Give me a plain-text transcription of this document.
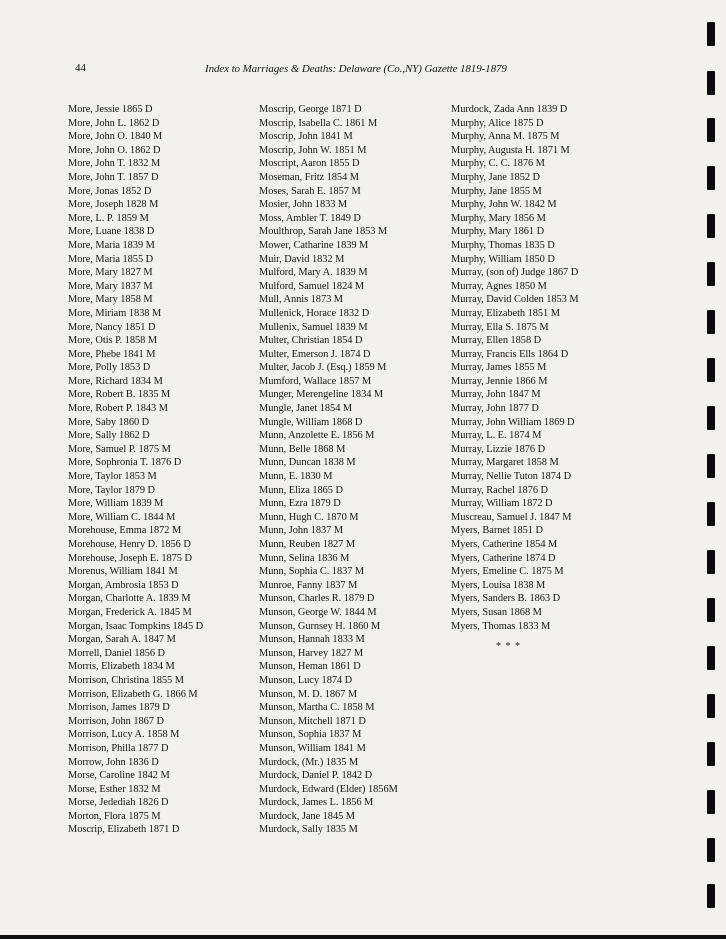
44	Index to Marriages & Deaths: Delaware (Co.,NY) Gazette 1819-1879
More, Jessie 1865 D
More, John L. 1862 D
More, John O. 1840 M
More, John O. 1862 D
More, John T. 1832 M
More, John T. 1857 D
More, Jonas 1852 D
More, Joseph 1828 M
More, L. P. 1859 M
More, Luane 1838 D
More, Maria 1839 M
More, Maria 1855 D
More, Mary 1827 M
More, Mary 1837 M
More, Mary 1858 M
More, Miriam 1838 M
More, Nancy 1851 D
More, Otis P. 1858 M
More, Phebe 1841 M
More, Polly 1853 D
More, Richard 1834 M
More, Robert B. 1835 M
More, Robert P. 1843 M
More, Saby 1860 D
More, Sally 1862 D
More, Samuel P. 1875 M
More, Sophronia T. 1876 D
More, Taylor 1853 M
More, Taylor 1879 D
More, William 1839 M
More, William C. 1844 M
Morehouse, Emma 1872 M
Morehouse, Henry D. 1856 D
Morehouse, Joseph E. 1875 D
Morenus, William 1841 M
Morgan, Ambrosia 1853 D
Morgan, Charlotte A. 1839 M
Morgan, Frederick A. 1845 M
Morgan, Isaac Tompkins 1845 D
Morgan, Sarah A. 1847 M
Morrell, Daniel 1856 D
Morris, Elizabeth 1834 M
Morrison, Christina 1855 M
Morrison, Elizabeth G. 1866 M
Morrison, James 1879 D
Morrison, John 1867 D
Morrison, Lucy A. 1858 M
Morrison, Philla 1877 D
Morrow, John 1836 D
Morse, Caroline 1842 M
Morse, Esther 1832 M
Morse, Jedediah 1826 D
Morton, Flora 1875 M
Moscrip, Elizabeth 1871 D
Moscrip, George 1871 D
Moscrip, Isabella C. 1861 M
Moscrip, John 1841 M
Moscrip, John W. 1851 M
Moscript, Aaron 1855 D
Moseman, Fritz 1854 M
Moses, Sarah E. 1857 M
Mosier, John 1833 M
Moss, Ambler T. 1849 D
Moulthrop, Sarah Jane 1853 M
Mower, Catharine 1839 M
Muir, David 1832 M
Mulford, Mary A. 1839 M
Mulford, Samuel 1824 M
Mull, Annis 1873 M
Mullenick, Horace 1832 D
Mullenix, Samuel 1839 M
Multer, Christian 1854 D
Multer, Emerson J. 1874 D
Multer, Jacob J. (Esq.) 1859 M
Mumford, Wallace 1857 M
Munger, Merengeline 1834 M
Mungle, Janet 1854 M
Mungle, William 1868 D
Munn, Anzolette E. 1856 M
Munn, Belle 1868 M
Munn, Duncan 1838 M
Munn, E. 1830 M
Munn, Eliza 1865 D
Munn, Ezra 1879 D
Munn, Hugh C. 1870 M
Munn, John 1837 M
Munn, Reuben 1827 M
Munn, Selina 1836 M
Munn, Sophia C. 1837 M
Munroe, Fanny 1837 M
Munson, Charles R. 1879 D
Munson, George W. 1844 M
Munson, Gurnsey H. 1860 M
Munson, Hannah 1833 M
Munson, Harvey 1827 M
Munson, Heman 1861 D
Munson, Lucy 1874 D
Munson, M. D. 1867 M
Munson, Martha C. 1858 M
Munson, Mitchell 1871 D
Munson, Sophia 1837 M
Munson, William 1841 M
Murdock, (Mr.) 1835 M
Murdock, Daniel P. 1842 D
Murdock, Edward (Elder) 1856M
Murdock, James L. 1856 M
Murdock, Jane 1845 M
Murdock, Sally 1835 M
Murdock, Zada Ann 1839 D
Murphy, Alice 1875 D
Murphy, Anna M. 1875 M
Murphy, Augusta H. 1871 M
Murphy, C. C. 1876 M
Murphy, Jane 1852 D
Murphy, Jane 1855 M
Murphy, John W. 1842 M
Murphy, Mary 1856 M
Murphy, Mary 1861 D
Murphy, Thomas 1835 D
Murphy, William 1850 D
Murray, (son of) Judge 1867 D
Murray, Agnes 1850 M
Murray, David Colden 1853 M
Murray, Elizabeth 1851 M
Murray, Ella S. 1875 M
Murray, Ellen 1858 D
Murray, Francis Ells 1864 D
Murray, James 1855 M
Murray, Jennie 1866 M
Murray, John 1847 M
Murray, John 1877 D
Murray, John William 1869 D
Murray, L. E. 1874 M
Murray, Lizzie 1876 D
Murray, Margaret 1858 M
Murray, Nellie Tuton 1874 D
Murray, Rachel 1876 D
Murray, William 1872 D
Muscreau, Samuel J. 1847 M
Myers, Barnet 1851 D
Myers, Catherine 1854 M
Myers, Catherine 1874 D
Myers, Emeline C. 1875 M
Myers, Louisa 1838 M
Myers, Sanders B. 1863 D
Myers, Susan 1868 M
Myers, Thomas 1833 M
* * *
